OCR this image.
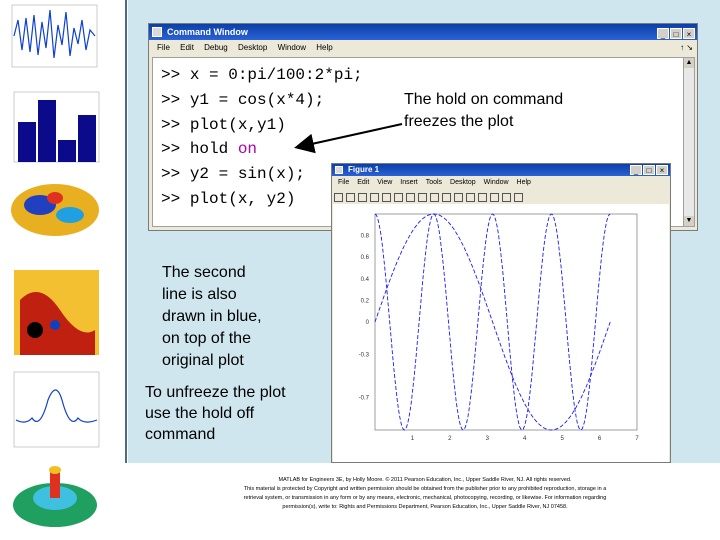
Command Window	_ □ ×
File Edit Debug Desktop Window Help	↑ ↘
>> x = 0:pi/100:2*pi;
>> y1 = cos(x*4);
>> plot(x,y1)
>> hold on
>> y2 = sin(x);
>> plot(x, y2)
▲
▼
Figure 1	_ □ ×
File Edit View Insert Tools Desktop Window Help
-0.7
-0.3
0
0.2
0.4
0.6
0.8
1	2	3	4	5	6	7
The hold on command
freezes the plot
The second
line is also
drawn in blue,
on top of the
original plot
To unfreeze the plot
use the hold off
command
MATLAB for Engineers 3E, by Holly Moore. © 2011 Pearson Education, Inc., Upper Saddle River, NJ. All rights reserved.
This material is protected by Copyright and written permission should be obtained from the publisher prior to any prohibited reproduction, storage in a
retrieval system, or transmission in any form or by any means, electronic, mechanical, photocopying, recording, or likewise. For information regarding
permission(s), write to: Rights and Permissions Department, Pearson Education, Inc., Upper Saddle River, NJ 07458.
